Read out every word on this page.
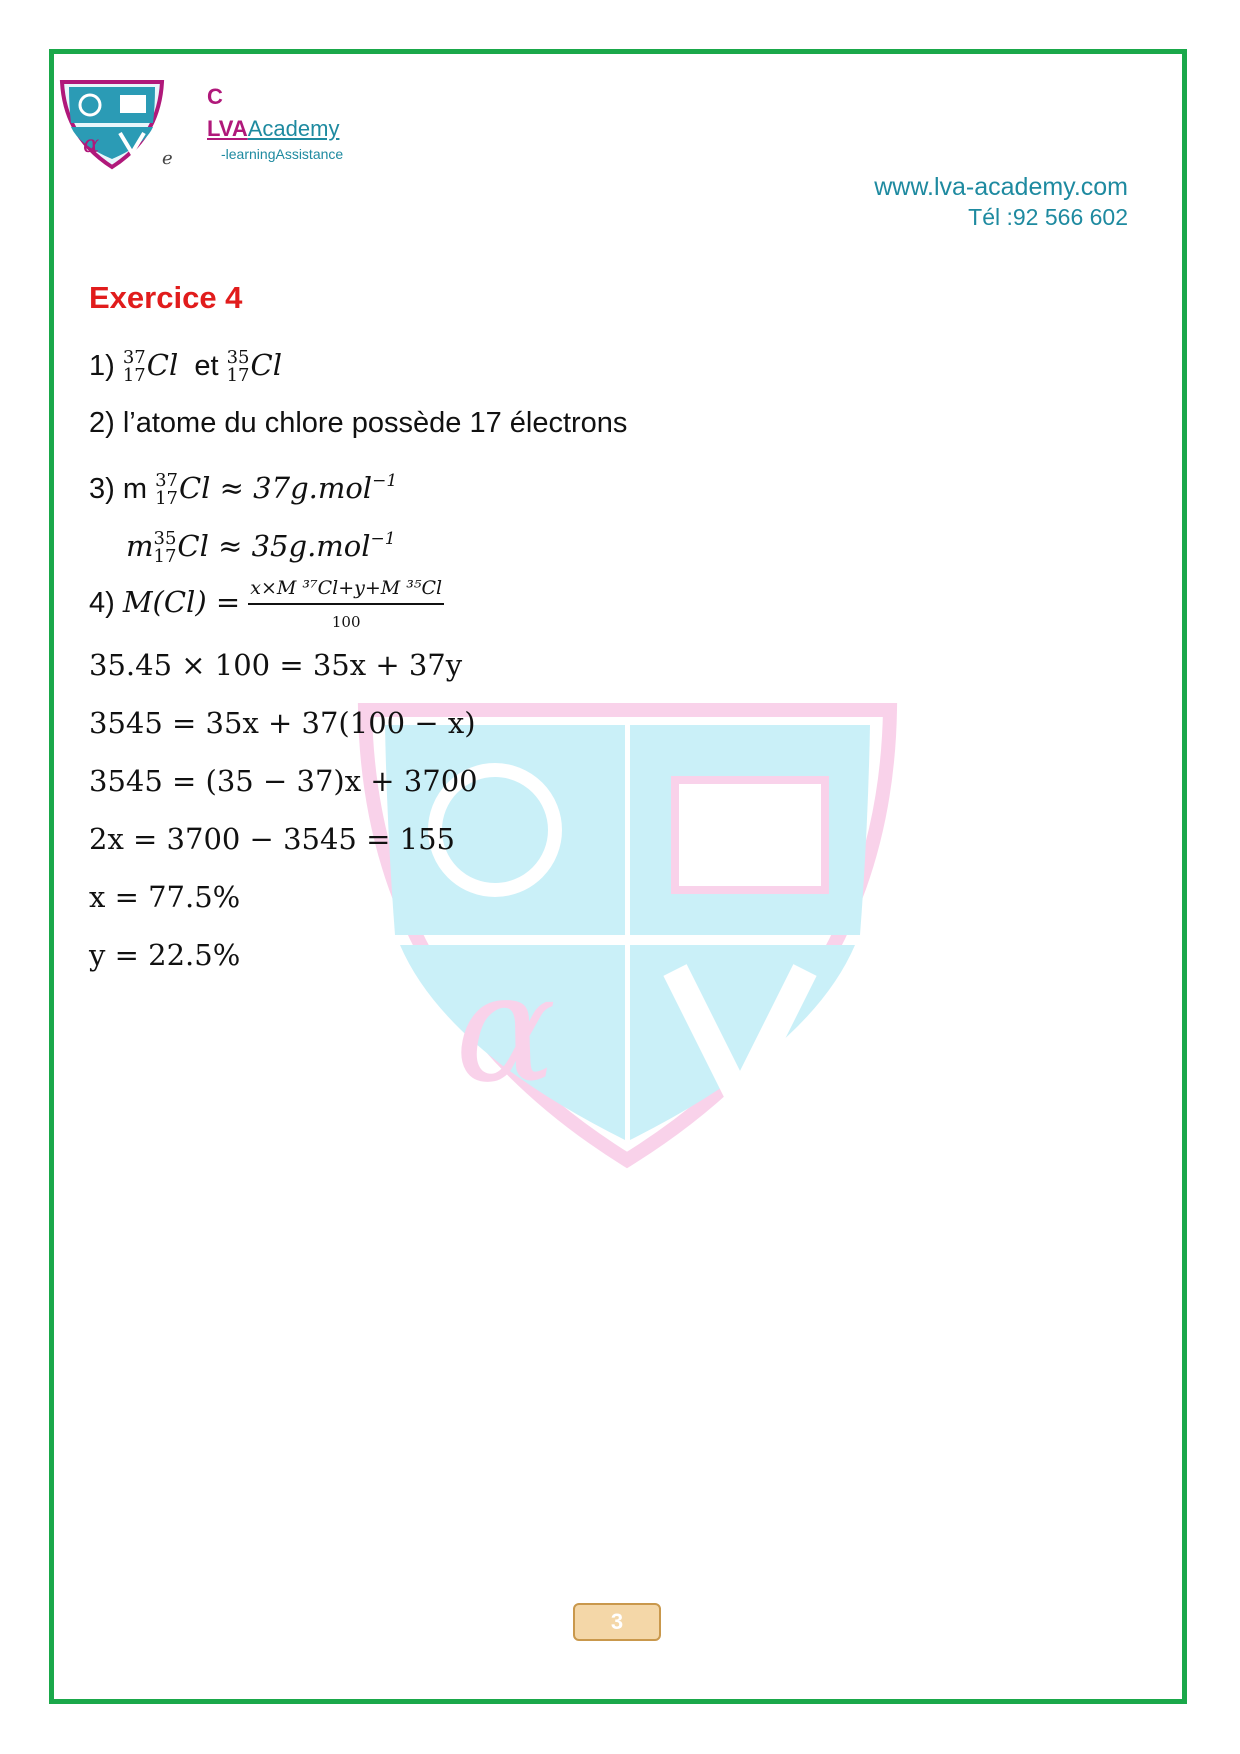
α
C
LVAAcademy
-learningAssistance
e
www.lva-academy.com
Tél :92 566 602
α
Exercice 4
1) 37
17 Cl et 35
17 Cl
2) l’atome du chlore possède 17 électrons
3) m 37
17 Cl ≈ 37g.mol$^{-1}$
m 35
17 Cl ≈ 35g.mol$^{-1}$
4) $M(Cl) = \frac{\text{x×M ³⁷Cl+y+M ³⁵Cl}}{100}$
35.45 × 100 = 35x + 37y
3545 = 35x + 37(100 − x)
3545 = (35 − 37)x + 3700
2x = 3700 − 3545 = 155
x = 77.5%
y = 22.5%
3
